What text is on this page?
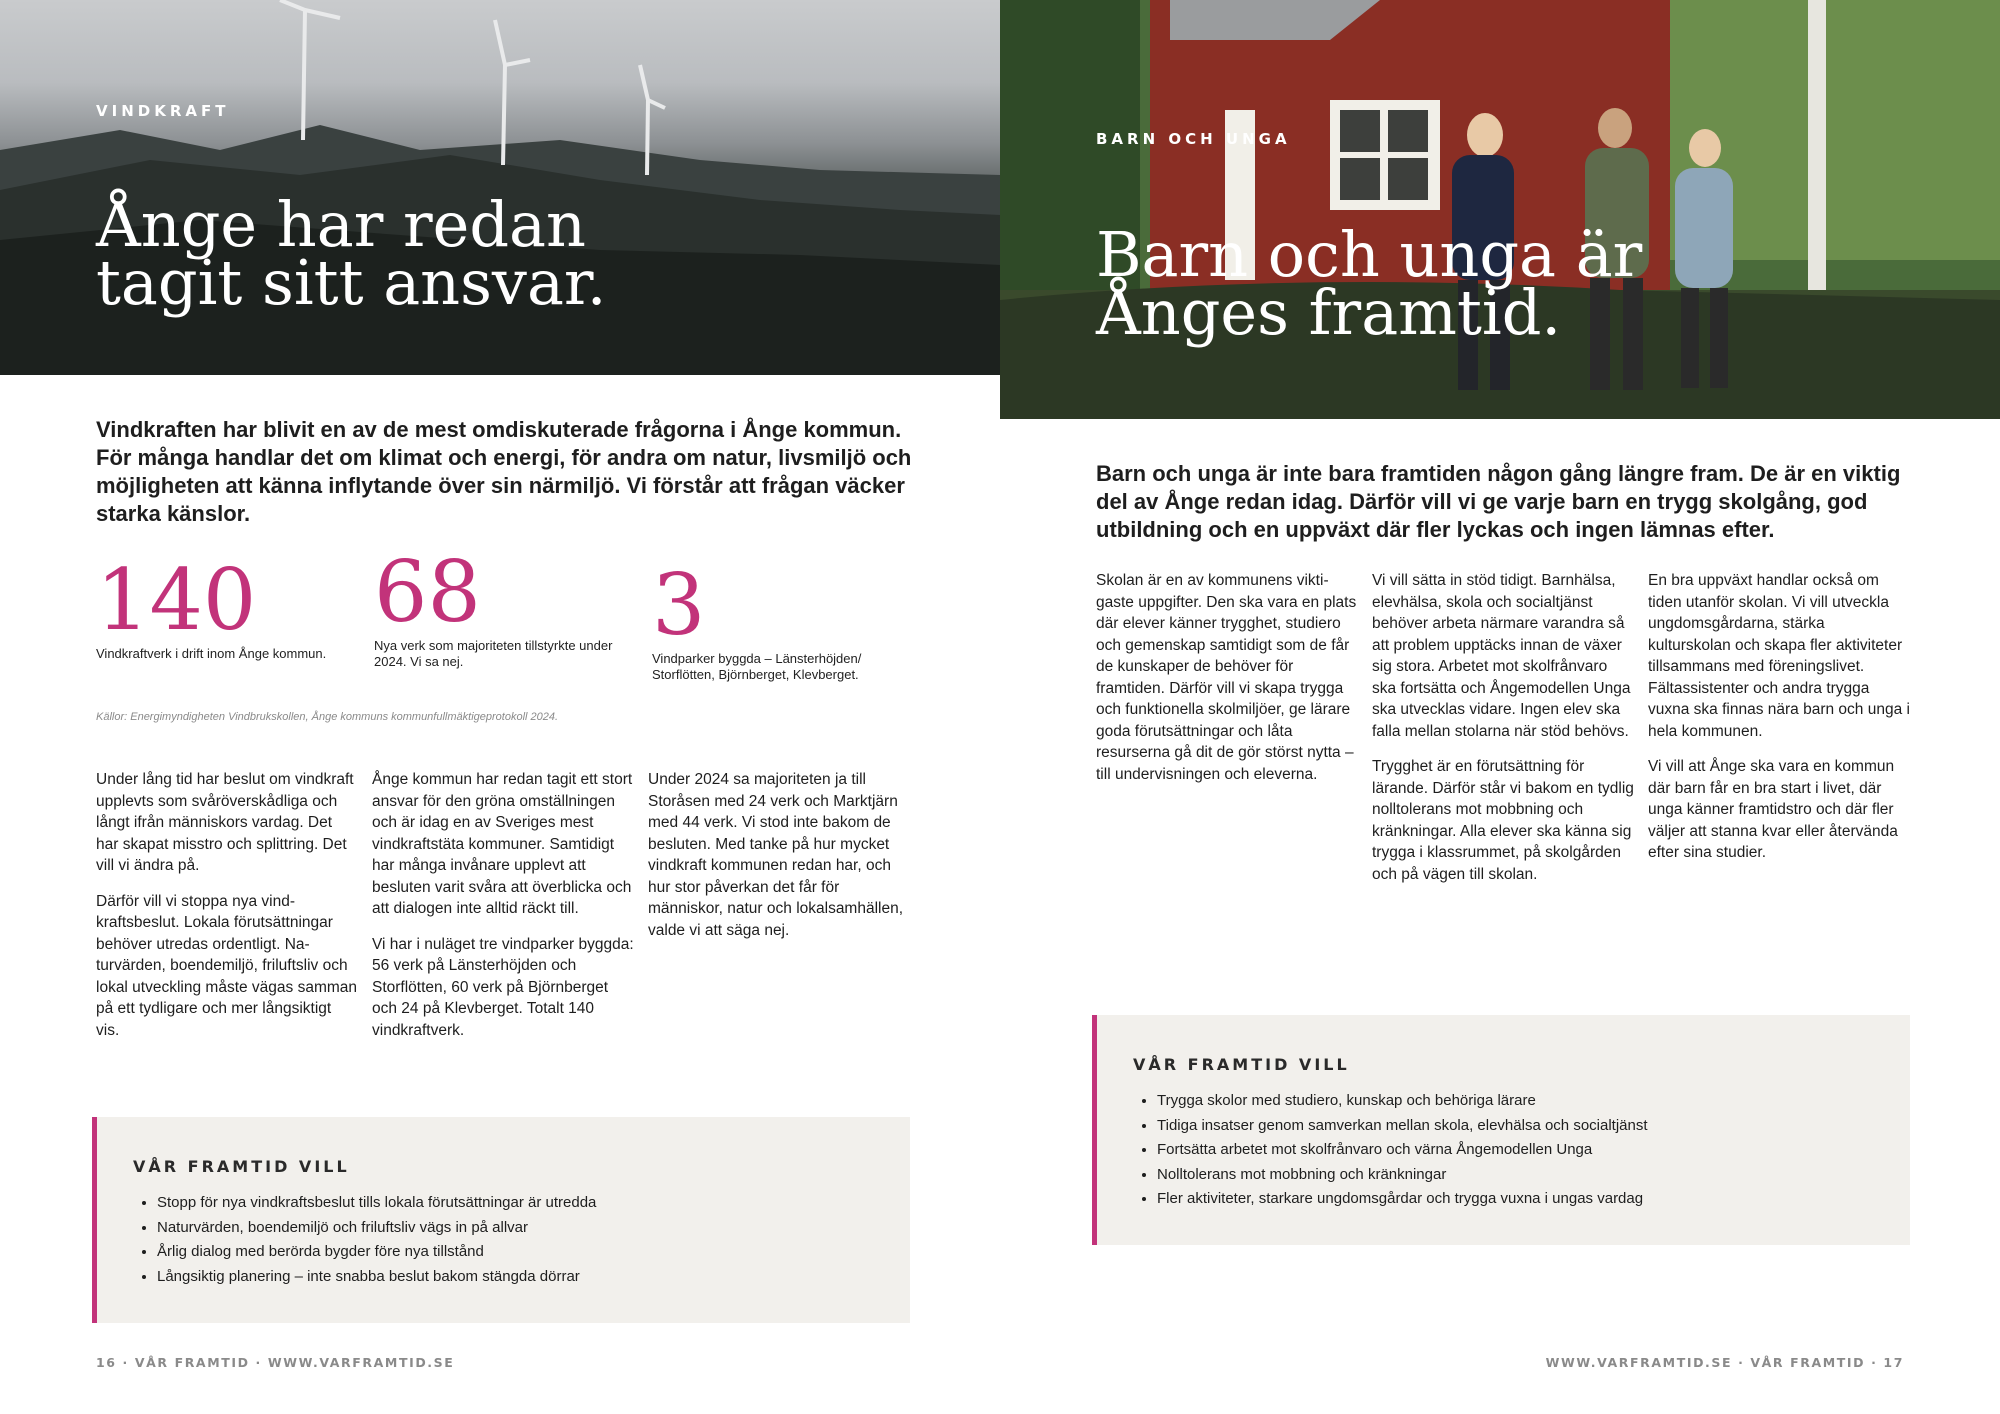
VINDKRAFT
Ånge har redan
tagit sitt ansvar.

Vindkraften har blivit en av de mest omdiskuterade frågorna i Ånge kommun. För många handlar det om klimat och energi, för andra om natur, livsmiljö och möjligheten att känna inflytande över sin närmiljö. Vi förstår att frågan väcker starka känslor.

140
Vindkraftverk i drift inom Ånge kommun.
68
Nya verk som majoriteten tillstyrkte under 2024. Vi sa nej.
3
Vindparker byggda – Länsterhöjden/ Storflötten, Björnberget, Klevberget.
Källor: Energimyndigheten Vindbrukskollen, Ånge kommuns kommunfullmäktigeprotokoll 2024.

Under lång tid har beslut om vindkraft upplevts som svåröverskådliga och långt ifrån människors vardag. Det har skapat misstro och splittring. Det vill vi ändra på.

Därför vill vi stoppa nya vindkraftsbeslut. Lokala förutsättningar behöver utredas ordentligt. Naturvärden, boendemiljö, friluftsliv och lokal utveckling måste vägas samman på ett tydligare och mer långsiktigt vis.

Ånge kommun har redan tagit ett stort ansvar för den gröna omställningen och är idag en av Sveriges mest vindkraftstäta kommuner. Samtidigt har många invånare upplevt att besluten varit svåra att överblicka och att dialogen inte alltid räckt till.

Vi har i nuläget tre vindparker byggda: 56 verk på Länsterhöjden och Storflötten, 60 verk på Björnberget och 24 på Klevberget. Totalt 140 vindkraftverk.

Under 2024 sa majoriteten ja till Storåsen med 24 verk och Marktjärn med 44 verk. Vi stod inte bakom de besluten. Med tanke på hur mycket vindkraft kommunen redan har, och hur stor påverkan det får för människor, natur och lokalsamhällen, valde vi att säga nej.

VÅR FRAMTID VILL
• Stopp för nya vindkraftsbeslut tills lokala förutsättningar är utredda
• Naturvärden, boendemiljö och friluftsliv vägs in på allvar
• Årlig dialog med berörda bygder före nya tillstånd
• Långsiktig planering – inte snabba beslut bakom stängda dörrar
16 · VÅR FRAMTID · WWW.VARFRAMTID.SE
BARN OCH UNGA
Barn och unga är
Ånges framtid.

Barn och unga är inte bara framtiden någon gång längre fram. De är en viktig del av Ånge redan idag. Därför vill vi ge varje barn en trygg skolgång, god utbildning och en uppväxt där fler lyckas och ingen lämnas efter.

Skolan är en av kommunens viktigaste uppgifter. Den ska vara en plats där elever känner trygghet, studiero och gemenskap samtidigt som de får de kunskaper de behöver för framtiden. Därför vill vi skapa trygga och funktionella skolmiljöer, ge lärare goda förutsättningar och låta resurserna gå dit de gör störst nytta – till undervisningen och eleverna.

Vi vill sätta in stöd tidigt. Barnhälsa, elevhälsa, skola och socialtjänst behöver arbeta närmare varandra så att problem upptäcks innan de växer sig stora. Arbetet mot skolfrånvaro ska fortsätta och Ångemodellen Unga ska utvecklas vidare. Ingen elev ska falla mellan stolarna när stöd behövs.

Trygghet är en förutsättning för lärande. Därför står vi bakom en tydlig nolltolerans mot mobbning och kränkningar. Alla elever ska känna sig trygga i klassrummet, på skolgården och på vägen till skolan.

En bra uppväxt handlar också om tiden utanför skolan. Vi vill utveckla ungdomsgårdarna, stärka kulturskolan och skapa fler aktiviteter tillsammans med föreningslivet. Fältassistenter och andra trygga vuxna ska finnas nära barn och unga i hela kommunen.

Vi vill att Ånge ska vara en kommun där barn får en bra start i livet, där unga känner framtidstro och där fler väljer att stanna kvar eller återvända efter sina studier.

VÅR FRAMTID VILL
• Trygga skolor med studiero, kunskap och behöriga lärare
• Tidiga insatser genom samverkan mellan skola, elevhälsa och socialtjänst
• Fortsätta arbetet mot skolfrånvaro och värna Ångemodellen Unga
• Nolltolerans mot mobbning och kränkningar
• Fler aktiviteter, starkare ungdomsgårdar och trygga vuxna i ungas vardag
WWW.VARFRAMTID.SE · VÅR FRAMTID · 17
